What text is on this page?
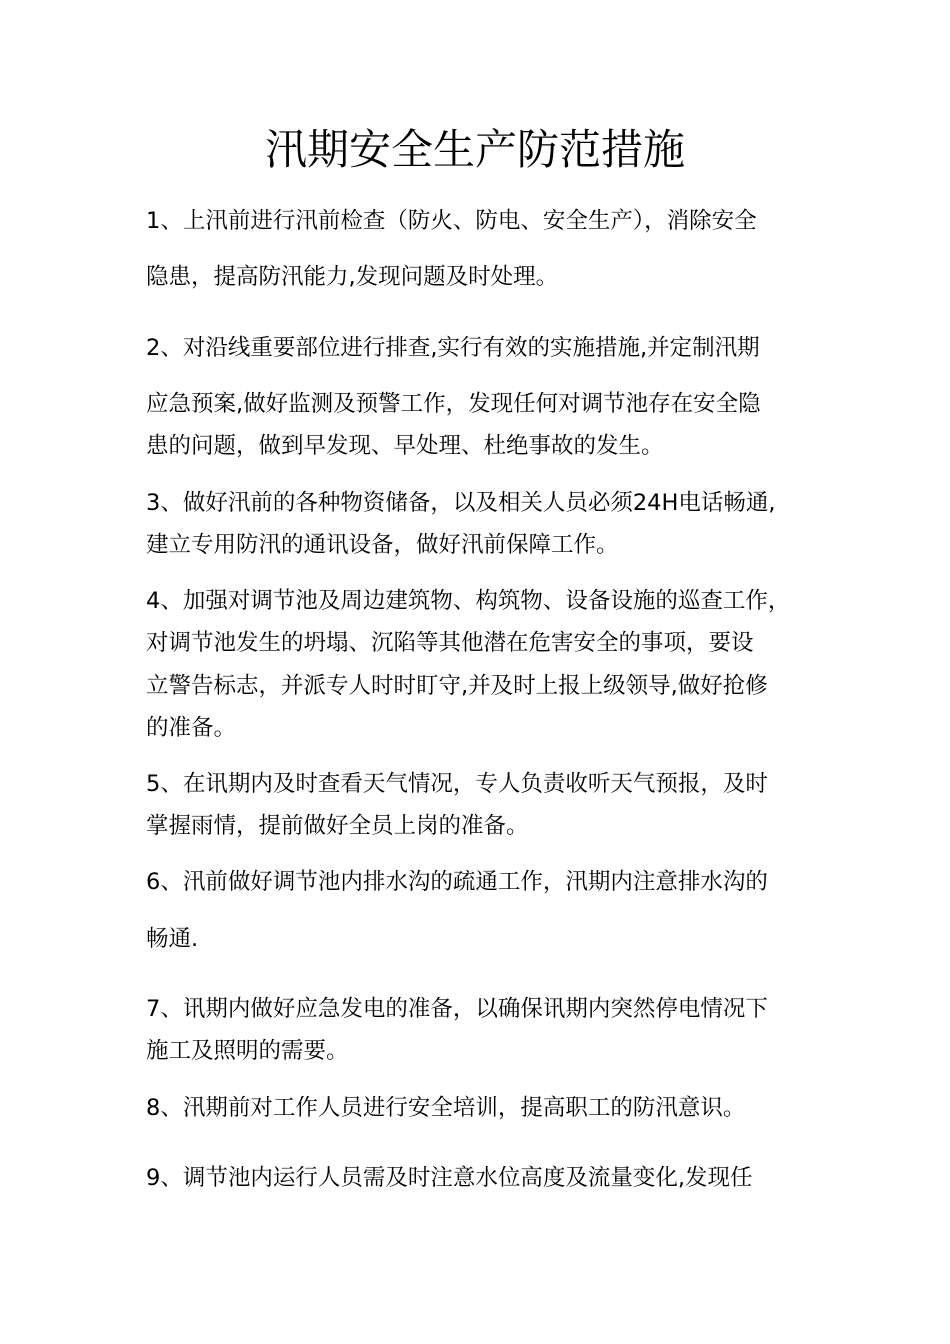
汛期安全生产防范措施
1、上汛前进行汛前检查（防火、防电、安全生产），消除安全
隐患，提高防汛能力,发现问题及时处理。
2、对沿线重要部位进行排查,实行有效的实施措施,并定制汛期
应急预案,做好监测及预警工作，发现任何对调节池存在安全隐
患的问题，做到早发现、早处理、杜绝事故的发生。
3、做好汛前的各种物资储备，以及相关人员必须24H电话畅通,
建立专用防汛的通讯设备，做好汛前保障工作。
4、加强对调节池及周边建筑物、构筑物、设备设施的巡查工作，
对调节池发生的坍塌、沉陷等其他潜在危害安全的事项，要设
立警告标志，并派专人时时盯守,并及时上报上级领导,做好抢修
的准备。
5、在讯期内及时查看天气情况，专人负责收听天气预报，及时
掌握雨情，提前做好全员上岗的准备。
6、汛前做好调节池内排水沟的疏通工作，汛期内注意排水沟的
畅通.
7、讯期内做好应急发电的准备，以确保讯期内突然停电情况下
施工及照明的需要。
8、汛期前对工作人员进行安全培训，提高职工的防汛意识。
9、调节池内运行人员需及时注意水位高度及流量变化,发现任
